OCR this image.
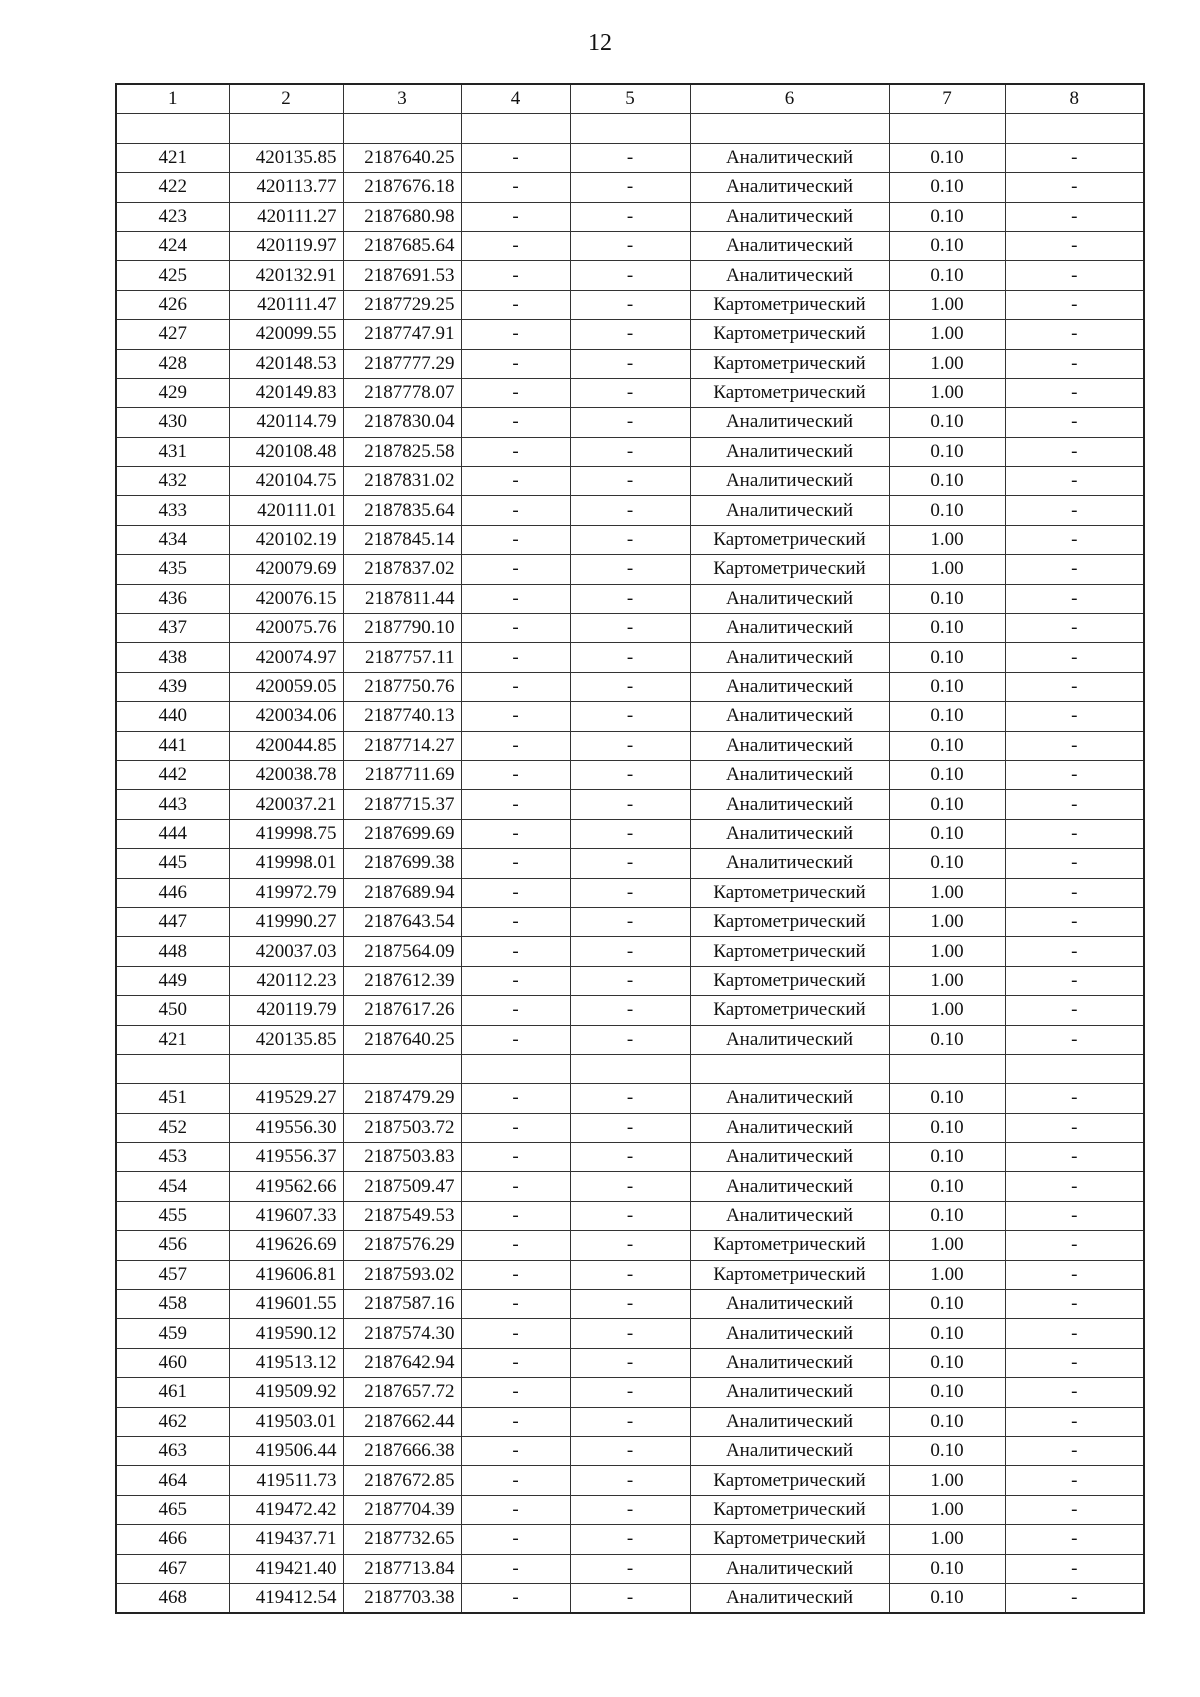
12
1	2	3	4	5	6	7	8

421	420135.85	2187640.25	-	-	Аналитический	0.10	-
422	420113.77	2187676.18	-	-	Аналитический	0.10	-
423	420111.27	2187680.98	-	-	Аналитический	0.10	-
424	420119.97	2187685.64	-	-	Аналитический	0.10	-
425	420132.91	2187691.53	-	-	Аналитический	0.10	-
426	420111.47	2187729.25	-	-	Картометрический	1.00	-
427	420099.55	2187747.91	-	-	Картометрический	1.00	-
428	420148.53	2187777.29	-	-	Картометрический	1.00	-
429	420149.83	2187778.07	-	-	Картометрический	1.00	-
430	420114.79	2187830.04	-	-	Аналитический	0.10	-
431	420108.48	2187825.58	-	-	Аналитический	0.10	-
432	420104.75	2187831.02	-	-	Аналитический	0.10	-
433	420111.01	2187835.64	-	-	Аналитический	0.10	-
434	420102.19	2187845.14	-	-	Картометрический	1.00	-
435	420079.69	2187837.02	-	-	Картометрический	1.00	-
436	420076.15	2187811.44	-	-	Аналитический	0.10	-
437	420075.76	2187790.10	-	-	Аналитический	0.10	-
438	420074.97	2187757.11	-	-	Аналитический	0.10	-
439	420059.05	2187750.76	-	-	Аналитический	0.10	-
440	420034.06	2187740.13	-	-	Аналитический	0.10	-
441	420044.85	2187714.27	-	-	Аналитический	0.10	-
442	420038.78	2187711.69	-	-	Аналитический	0.10	-
443	420037.21	2187715.37	-	-	Аналитический	0.10	-
444	419998.75	2187699.69	-	-	Аналитический	0.10	-
445	419998.01	2187699.38	-	-	Аналитический	0.10	-
446	419972.79	2187689.94	-	-	Картометрический	1.00	-
447	419990.27	2187643.54	-	-	Картометрический	1.00	-
448	420037.03	2187564.09	-	-	Картометрический	1.00	-
449	420112.23	2187612.39	-	-	Картометрический	1.00	-
450	420119.79	2187617.26	-	-	Картометрический	1.00	-
421	420135.85	2187640.25	-	-	Аналитический	0.10	-

451	419529.27	2187479.29	-	-	Аналитический	0.10	-
452	419556.30	2187503.72	-	-	Аналитический	0.10	-
453	419556.37	2187503.83	-	-	Аналитический	0.10	-
454	419562.66	2187509.47	-	-	Аналитический	0.10	-
455	419607.33	2187549.53	-	-	Аналитический	0.10	-
456	419626.69	2187576.29	-	-	Картометрический	1.00	-
457	419606.81	2187593.02	-	-	Картометрический	1.00	-
458	419601.55	2187587.16	-	-	Аналитический	0.10	-
459	419590.12	2187574.30	-	-	Аналитический	0.10	-
460	419513.12	2187642.94	-	-	Аналитический	0.10	-
461	419509.92	2187657.72	-	-	Аналитический	0.10	-
462	419503.01	2187662.44	-	-	Аналитический	0.10	-
463	419506.44	2187666.38	-	-	Аналитический	0.10	-
464	419511.73	2187672.85	-	-	Картометрический	1.00	-
465	419472.42	2187704.39	-	-	Картометрический	1.00	-
466	419437.71	2187732.65	-	-	Картометрический	1.00	-
467	419421.40	2187713.84	-	-	Аналитический	0.10	-
468	419412.54	2187703.38	-	-	Аналитический	0.10	-
